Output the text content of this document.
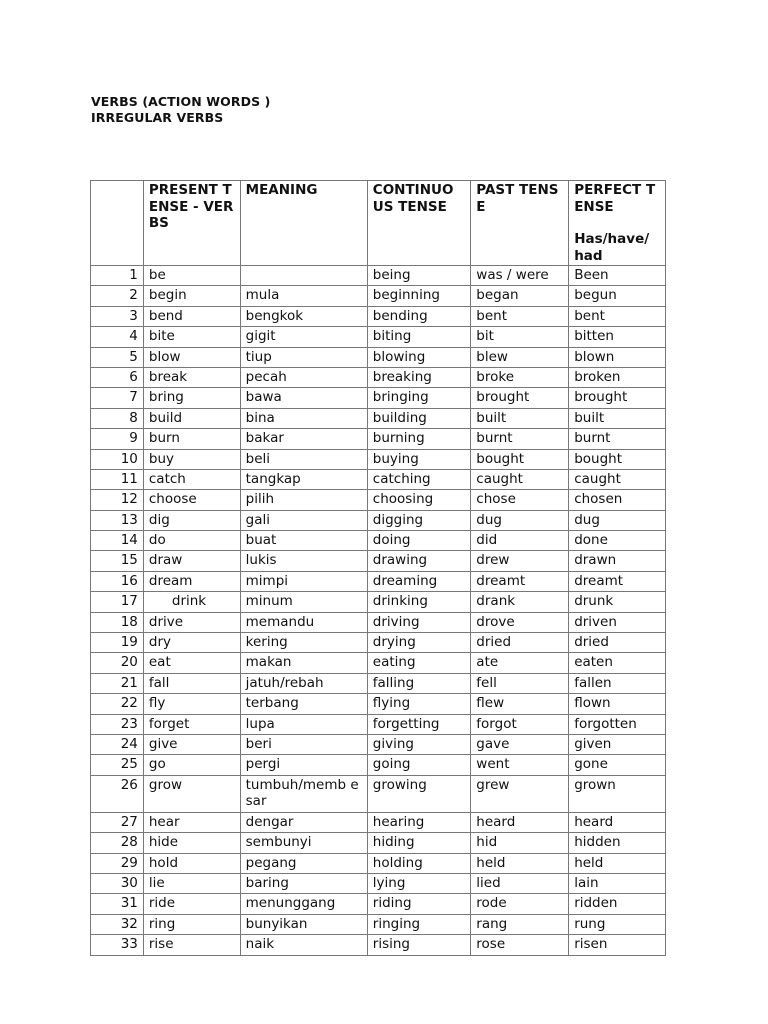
VERBS (ACTION WORDS )
IRREGULAR VERBS
	PRESENT TENSE - VERBS	MEANING	CONTINUO US TENSE	PAST TENSE	PERFECT TENSE
Has/have/ had

1	be		being	was / were	Been
2	begin	mula	beginning	began	begun
3	bend	bengkok	bending	bent	bent
4	bite	gigit	biting	bit	bitten
5	blow	tiup	blowing	blew	blown
6	break	pecah	breaking	broke	broken
7	bring	bawa	bringing	brought	brought
8	build	bina	building	built	built
9	burn	bakar	burning	burnt	burnt
10	buy	beli	buying	bought	bought
11	catch	tangkap	catching	caught	caught
12	choose	pilih	choosing	chose	chosen
13	dig	gali	digging	dug	dug
14	do	buat	doing	did	done
15	draw	lukis	drawing	drew	drawn
16	dream	mimpi	dreaming	dreamt	dreamt
17	drink	minum	drinking	drank	drunk
18	drive	memandu	driving	drove	driven
19	dry	kering	drying	dried	dried
20	eat	makan	eating	ate	eaten
21	fall	jatuh/rebah	falling	fell	fallen
22	fly	terbang	flying	flew	flown
23	forget	lupa	forgetting	forgot	forgotten
24	give	beri	giving	gave	given
25	go	pergi	going	went	gone
26	grow	tumbuh/memb esar	growing	grew	grown
27	hear	dengar	hearing	heard	heard
28	hide	sembunyi	hiding	hid	hidden
29	hold	pegang	holding	held	held
30	lie	baring	lying	lied	lain
31	ride	menunggang	riding	rode	ridden
32	ring	bunyikan	ringing	rang	rung
33	rise	naik	rising	rose	risen
